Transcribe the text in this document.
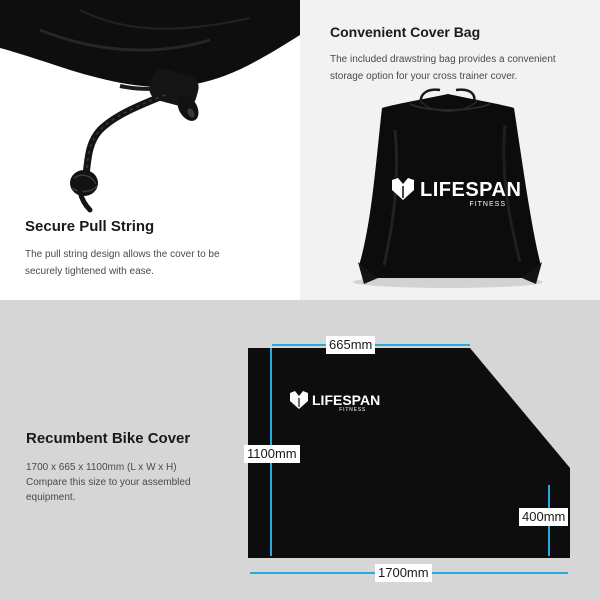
Secure Pull String

The pull string design allows the cover to be securely tightened with ease.

Convenient Cover Bag

The included drawstring bag provides a convenient storage option for your cross trainer cover.

LIFESPAN
FITNESS
Recumbent Bike Cover

1700 x 665 x 1100mm (L x W x H)

Compare this size to your assembled equipment.

LIFESPAN
FITNESS
665mm
1100mm
400mm
1700mm
